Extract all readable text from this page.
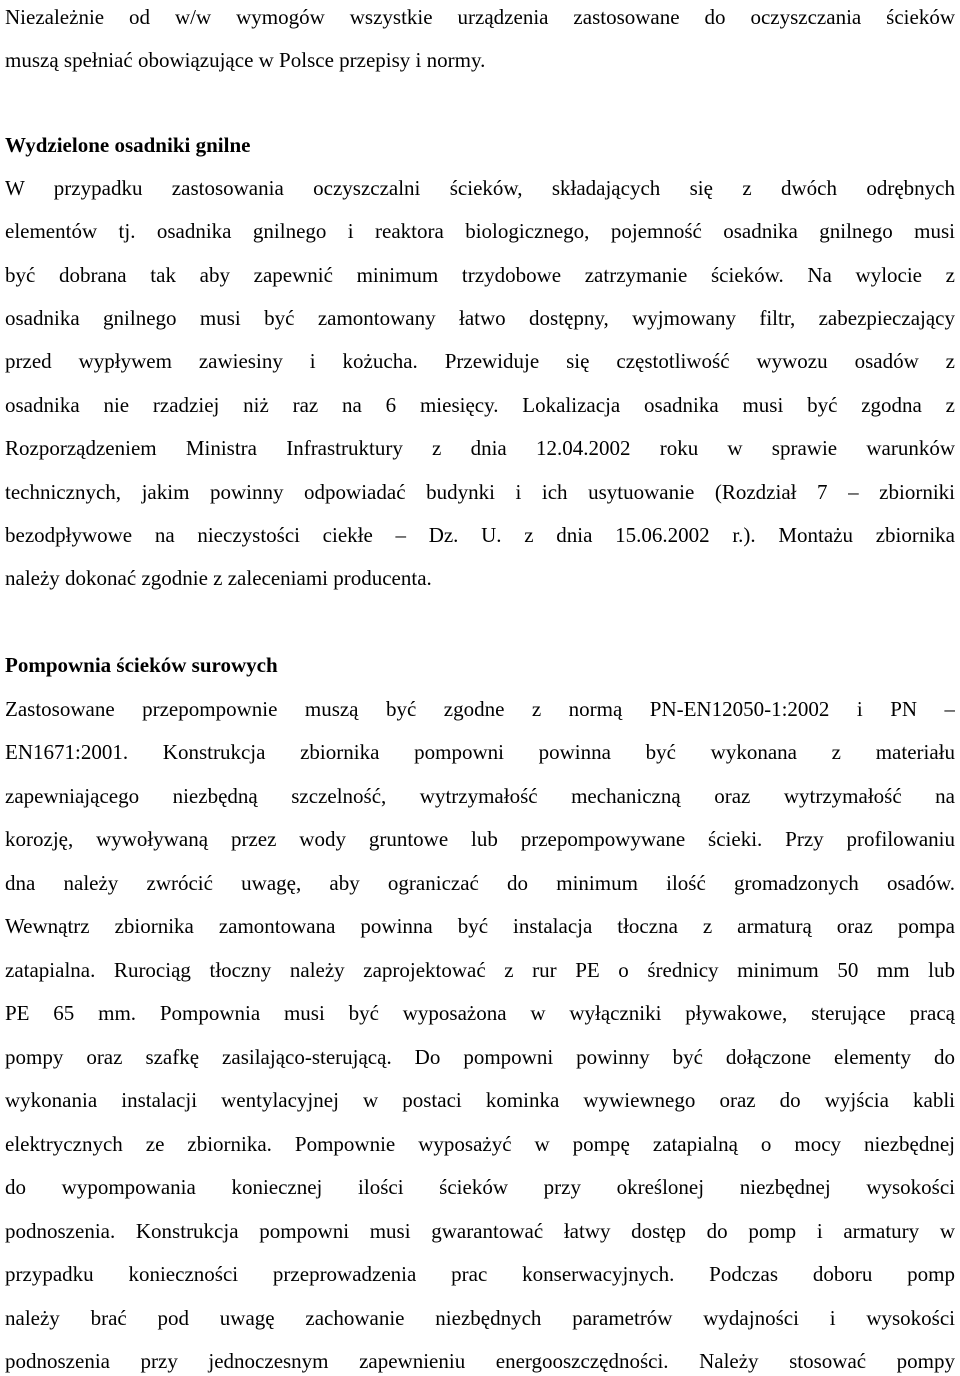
Niezależnie od w/w wymogów wszystkie urządzenia zastosowane do oczyszczania ścieków
muszą spełniać obowiązujące w Polsce przepisy i normy.
Wydzielone osadniki gnilne
W przypadku zastosowania oczyszczalni ścieków, składających się z dwóch odrębnych
elementów tj. osadnika gnilnego i reaktora biologicznego, pojemność osadnika gnilnego musi
być dobrana tak aby zapewnić minimum trzydobowe zatrzymanie ścieków. Na wylocie z
osadnika gnilnego musi być zamontowany łatwo dostępny, wyjmowany filtr, zabezpieczający
przed wypływem zawiesiny i kożucha. Przewiduje się częstotliwość wywozu osadów z
osadnika nie rzadziej niż raz na 6 miesięcy. Lokalizacja osadnika musi być zgodna z
Rozporządzeniem Ministra Infrastruktury z dnia 12.04.2002 roku w sprawie warunków
technicznych, jakim powinny odpowiadać budynki i ich usytuowanie (Rozdział 7 – zbiorniki
bezodpływowe na nieczystości ciekłe – Dz. U. z dnia 15.06.2002 r.). Montażu zbiornika
należy dokonać zgodnie z zaleceniami producenta.
Pompownia ścieków surowych
Zastosowane przepompownie muszą być zgodne z normą PN-EN12050-1:2002 i PN –
EN1671:2001. Konstrukcja zbiornika pompowni powinna być wykonana z materiału
zapewniającego niezbędną szczelność, wytrzymałość mechaniczną oraz wytrzymałość na
korozję, wywoływaną przez wody gruntowe lub przepompowywane ścieki. Przy profilowaniu
dna należy zwrócić uwagę, aby ograniczać do minimum ilość gromadzonych osadów.
Wewnątrz zbiornika zamontowana powinna być instalacja tłoczna z armaturą oraz pompa
zatapialna. Rurociąg tłoczny należy zaprojektować z rur PE o średnicy minimum 50 mm lub
PE 65 mm. Pompownia musi być wyposażona w wyłączniki pływakowe, sterujące pracą
pompy oraz szafkę zasilająco-sterującą. Do pompowni powinny być dołączone elementy do
wykonania instalacji wentylacyjnej w postaci kominka wywiewnego oraz do wyjścia kabli
elektrycznych ze zbiornika. Pompownie wyposażyć w pompę zatapialną o mocy niezbędnej
do wypompowania koniecznej ilości ścieków przy określonej niezbędnej wysokości
podnoszenia. Konstrukcja pompowni musi gwarantować łatwy dostęp do pomp i armatury w
przypadku konieczności przeprowadzenia prac konserwacyjnych. Podczas doboru pomp
należy brać pod uwagę zachowanie niezbędnych parametrów wydajności i wysokości
podnoszenia przy jednoczesnym zapewnieniu energooszczędności. Należy stosować pompy
